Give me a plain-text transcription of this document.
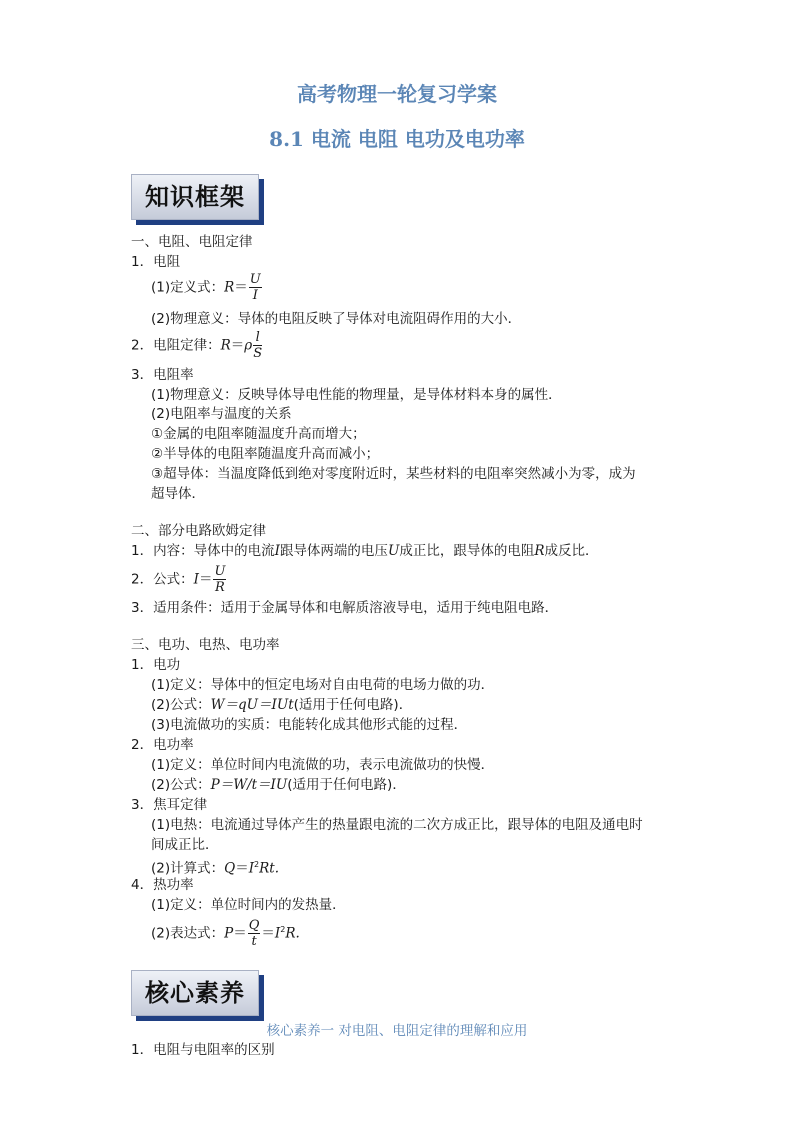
高考物理一轮复习学案
8.1 电流 电阻 电功及电功率
知识框架
一、电阻、电阻定律
1．电阻
(1)定义式：$R= \frac{U}{I}$
(2)物理意义：导体的电阻反映了导体对电流阻碍作用的大小．
2．电阻定律：$R=\rho \frac{l}{S}$
3．电阻率
(1)物理意义：反映导体导电性能的物理量，是导体材料本身的属性．
(2)电阻率与温度的关系
①金属的电阻率随温度升高而增大；
②半导体的电阻率随温度升高而减小；
③超导体：当温度降低到绝对零度附近时，某些材料的电阻率突然减小为零，成为
超导体．
二、部分电路欧姆定律
1．内容：导体中的电流I跟导体两端的电压U成正比，跟导体的电阻R成反比．
2．公式：$I= \frac{U}{R}$
3．适用条件：适用于金属导体和电解质溶液导电，适用于纯电阻电路．
三、电功、电热、电功率
1．电功
(1)定义：导体中的恒定电场对自由电荷的电场力做的功．
(2)公式：W＝qU＝IUt(适用于任何电路)．
(3)电流做功的实质：电能转化成其他形式能的过程．
2．电功率
(1)定义：单位时间内电流做的功，表示电流做功的快慢．
(2)公式：P＝W/t＝IU(适用于任何电路)．
3．焦耳定律
(1)电热：电流通过导体产生的热量跟电流的二次方成正比，跟导体的电阻及通电时
间成正比．
(2)计算式：$Q=I^2Rt$.
4．热功率
(1)定义：单位时间内的发热量．
(2)表达式：$P= \frac{Q}{t} =I^2R$.
核心素养
核心素养一 对电阻、电阻定律的理解和应用
1．电阻与电阻率的区别
